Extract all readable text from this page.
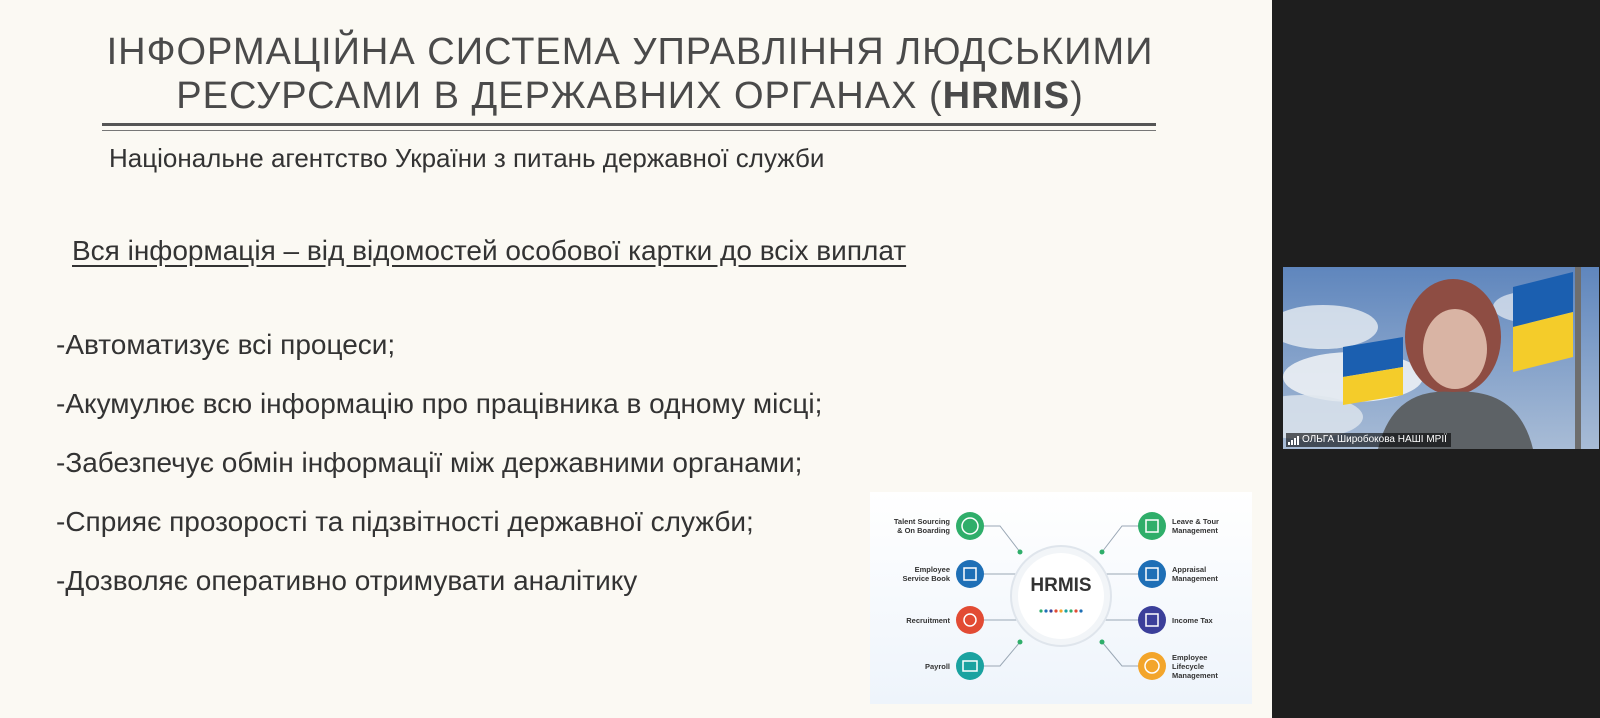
ІНФОРМАЦІЙНА СИСТЕМА УПРАВЛІННЯ ЛЮДСЬКИМИ
РЕСУРСАМИ В ДЕРЖАВНИХ ОРГАНАХ (HRMIS)
Національне агентство України з питань державної служби
Вся інформація – від відомостей особової картки до всіх виплат
-Автоматизує всі процеси;
-Акумулює всю інформацію про працівника в одному місці;
-Забезпечує обмін інформації між державними органами;
-Сприяє прозорості та підзвітності державної служби;
-Дозволяє оперативно отримувати аналітику	HRMIS
Talent Sourcing
& On Boarding
Employee
Service Book
Recruitment
Payroll
Leave & Tour
Management
Appraisal
Management
Income Tax
Employee
Lifecycle
Management
ОЛЬГА Широбокова НАШІ МРІЇ
